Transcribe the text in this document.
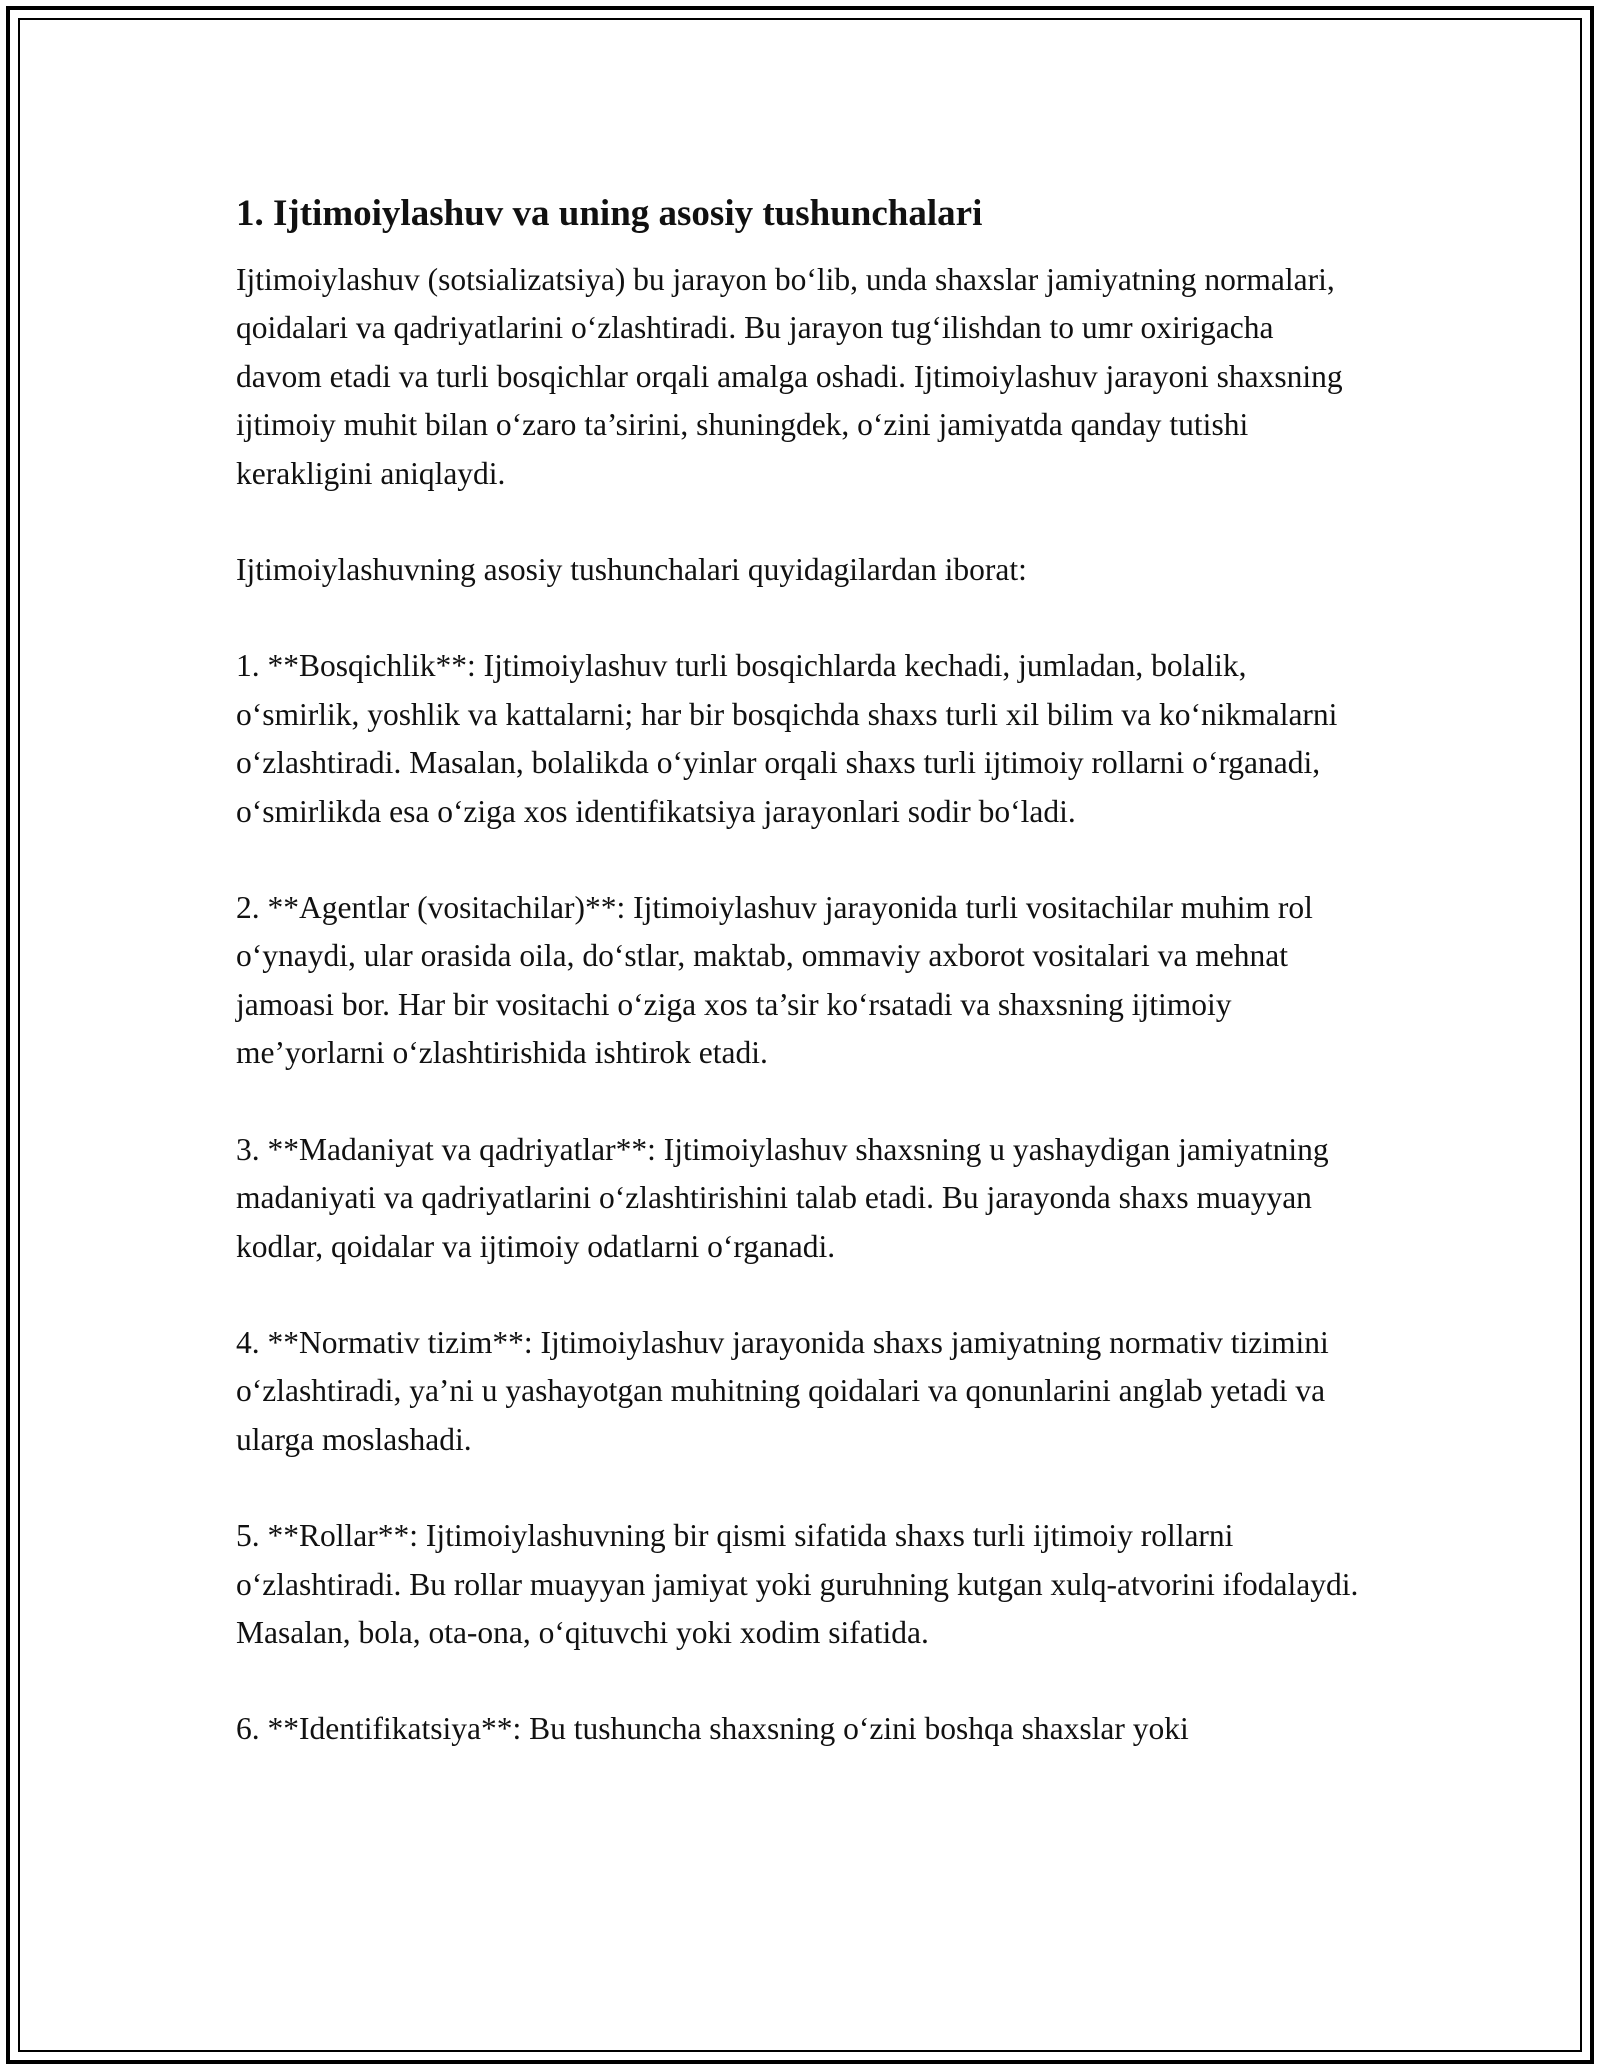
1. Ijtimoiylashuv va uning asosiy tushunchalari

Ijtimoiylashuv (sotsializatsiya) bu jarayon bo‘lib, unda shaxslar jamiyatning normalari, qoidalari va qadriyatlarini o‘zlashtiradi. Bu jarayon tug‘ilishdan to umr oxirigacha davom etadi va turli bosqichlar orqali amalga oshadi. Ijtimoiylashuv jarayoni shaxsning ijtimoiy muhit bilan o‘zaro ta’sirini, shuningdek, o‘zini jamiyatda qanday tutishi kerakligini aniqlaydi.

Ijtimoiylashuvning asosiy tushunchalari quyidagilardan iborat:

1. **Bosqichlik**: Ijtimoiylashuv turli bosqichlarda kechadi, jumladan, bolalik, o‘smirlik, yoshlik va kattalarni; har bir bosqichda shaxs turli xil bilim va ko‘nikmalarni o‘zlashtiradi. Masalan, bolalikda o‘yinlar orqali shaxs turli ijtimoiy rollarni o‘rganadi, o‘smirlikda esa o‘ziga xos identifikatsiya jarayonlari sodir bo‘ladi.

2. **Agentlar (vositachilar)**: Ijtimoiylashuv jarayonida turli vositachilar muhim rol o‘ynaydi, ular orasida oila, do‘stlar, maktab, ommaviy axborot vositalari va mehnat jamoasi bor. Har bir vositachi o‘ziga xos ta’sir ko‘rsatadi va shaxsning ijtimoiy me’yorlarni o‘zlashtirishida ishtirok etadi.

3. **Madaniyat va qadriyatlar**: Ijtimoiylashuv shaxsning u yashaydigan jamiyatning madaniyati va qadriyatlarini o‘zlashtirishini talab etadi. Bu jarayonda shaxs muayyan kodlar, qoidalar va ijtimoiy odatlarni o‘rganadi.

4. **Normativ tizim**: Ijtimoiylashuv jarayonida shaxs jamiyatning normativ tizimini o‘zlashtiradi, ya’ni u yashayotgan muhitning qoidalari va qonunlarini anglab yetadi va ularga moslashadi.

5. **Rollar**: Ijtimoiylashuvning bir qismi sifatida shaxs turli ijtimoiy rollarni o‘zlashtiradi. Bu rollar muayyan jamiyat yoki guruhning kutgan xulq-atvorini ifodalaydi. Masalan, bola, ota-ona, o‘qituvchi yoki xodim sifatida.

6. **Identifikatsiya**: Bu tushuncha shaxsning o‘zini boshqa shaxslar yoki
